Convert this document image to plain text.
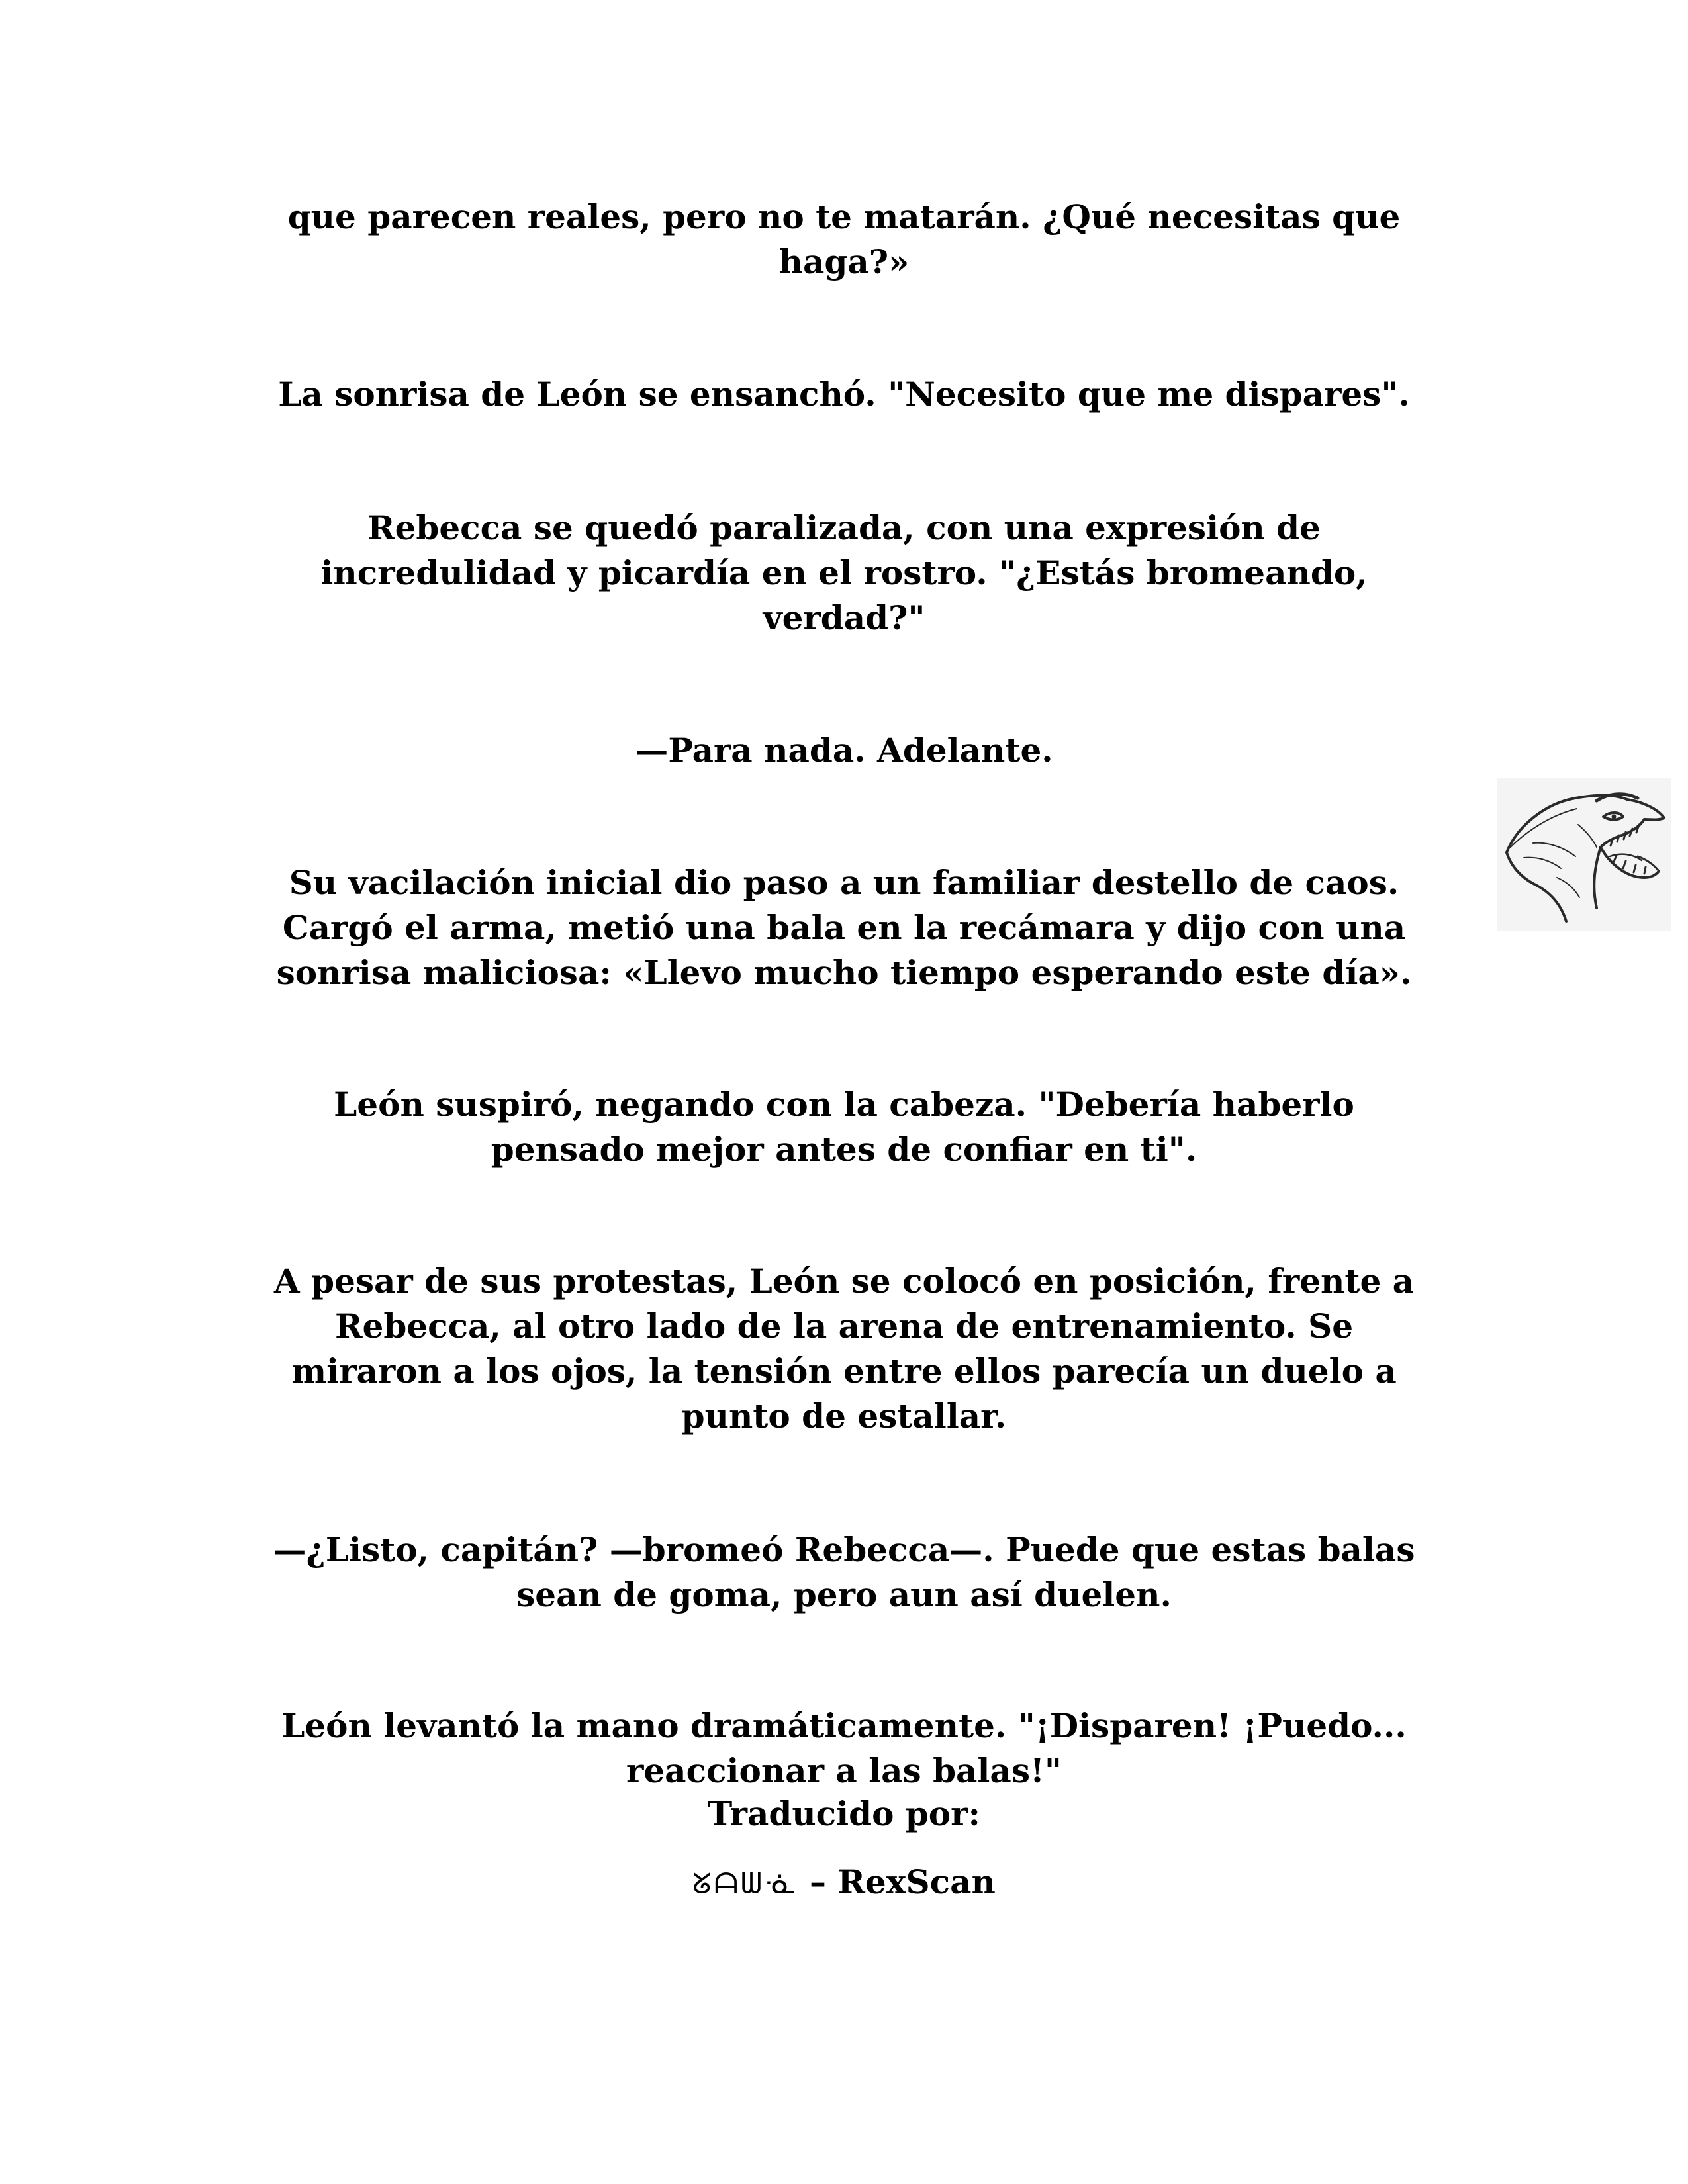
que parecen reales, pero no te matarán. ¿Qué necesitas que
haga?»

La sonrisa de León se ensanchó. "Necesito que me dispares".

Rebecca se quedó paralizada, con una expresión de
incredulidad y picardía en el rostro. "¿Estás bromeando,
verdad?"

—Para nada. Adelante.

Su vacilación inicial dio paso a un familiar destello de caos.
Cargó el arma, metió una bala en la recámara y dijo con una
sonrisa maliciosa: «Llevo mucho tiempo esperando este día».

León suspiró, negando con la cabeza. "Debería haberlo
pensado mejor antes de confiar en ti".

A pesar de sus protestas, León se colocó en posición, frente a
Rebecca, al otro lado de la arena de entrenamiento. Se
miraron a los ojos, la tensión entre ellos parecía un duelo a
punto de estallar.

—¿Listo, capitán? —bromeó Rebecca—. Puede que estas balas
sean de goma, pero aun así duelen.

León levantó la mano dramáticamente. "¡Disparen! ¡Puedo...
reaccionar a las balas!"

Traducido por:

ᘜᗩᗯᓍ – RexScan
